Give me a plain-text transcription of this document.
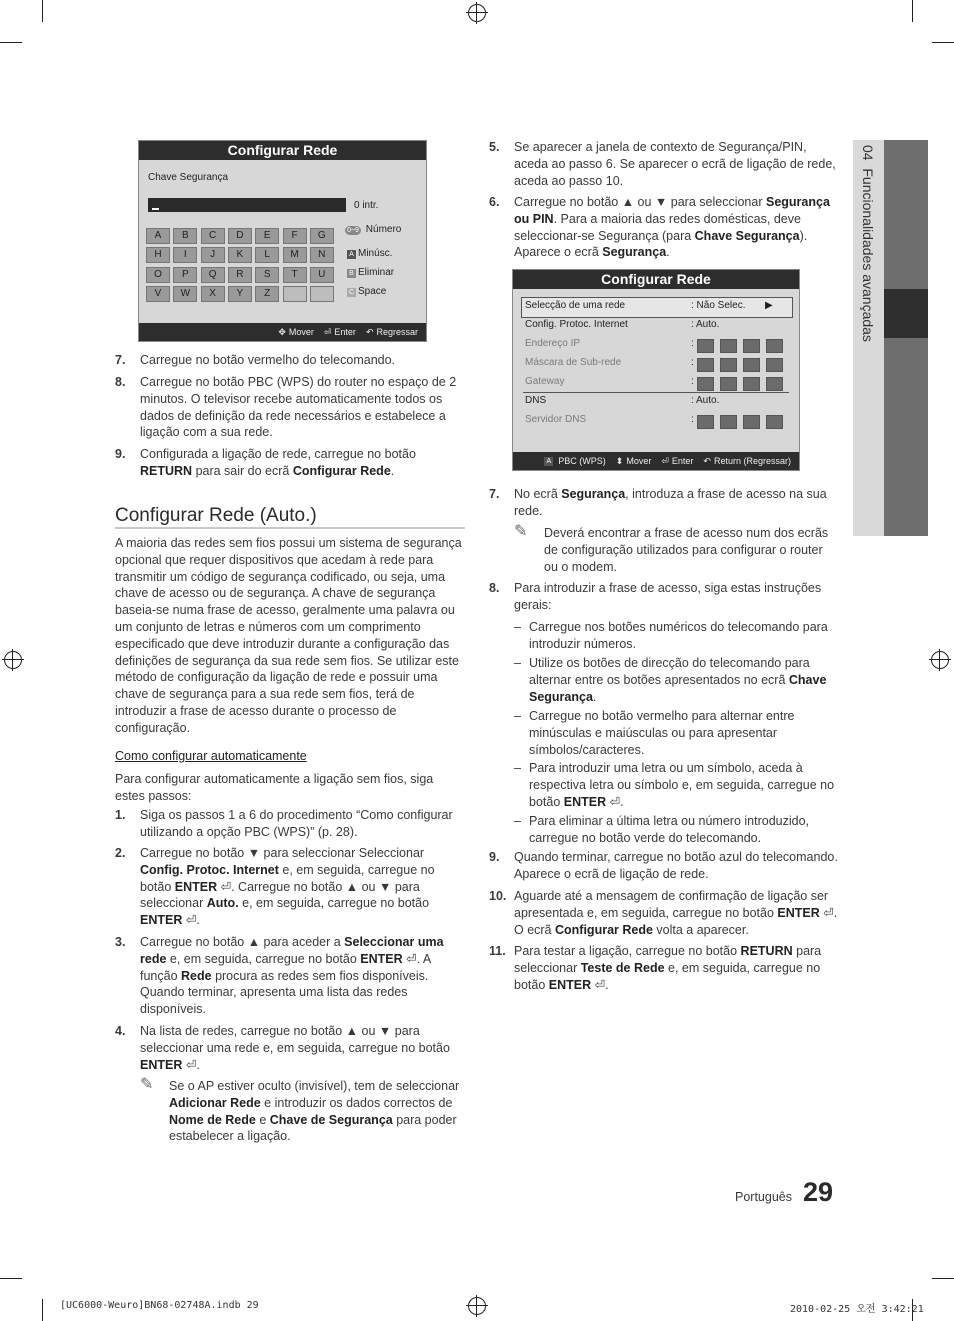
Configurar Rede
Chave Segurança
0 intr.
A	B	C	D	E	F	G
H	I	J	K	L	M	N
O	P	Q	R	S	T	U
V	W	X	Y	Z
0~9 Número
A Minúsc.
B Eliminar
C Space
✥ Mover ⏎ Enter ↶ Regressar
7. Carregue no botão vermelho do telecomando.
8. Carregue no botão PBC (WPS) do router no espaço de 2 minutos. O televisor recebe automaticamente todos os dados de definição da rede necessários e estabelece a ligação com a sua rede.
9. Configurada a ligação de rede, carregue no botão RETURN para sair do ecrã Configurar Rede.
Configurar Rede (Auto.)
A maioria das redes sem fios possui um sistema de segurança opcional que requer dispositivos que acedam à rede para transmitir um código de segurança codificado, ou seja, uma chave de acesso ou de segurança. A chave de segurança baseia-se numa frase de acesso, geralmente uma palavra ou um conjunto de letras e números com um comprimento especificado que deve introduzir durante a configuração das definições de segurança da sua rede sem fios. Se utilizar este método de configuração da ligação de rede e possuir uma chave de segurança para a sua rede sem fios, terá de introduzir a frase de acesso durante o processo de configuração.
Como configurar automaticamente
Para configurar automaticamente a ligação sem fios, siga estes passos:
1. Siga os passos 1 a 6 do procedimento “Como configurar utilizando a opção PBC (WPS)” (p. 28).
2. Carregue no botão ▼ para seleccionar Seleccionar Config. Protoc. Internet e, em seguida, carregue no botão ENTER ⏎. Carregue no botão ▲ ou ▼ para seleccionar Auto. e, em seguida, carregue no botão ENTER ⏎.
3. Carregue no botão ▲ para aceder a Seleccionar uma rede e, em seguida, carregue no botão ENTER ⏎. A função Rede procura as redes sem fios disponíveis. Quando terminar, apresenta uma lista das redes disponíveis.
4. Na lista de redes, carregue no botão ▲ ou ▼ para seleccionar uma rede e, em seguida, carregue no botão ENTER ⏎.
✎ Se o AP estiver oculto (invisível), tem de seleccionar Adicionar Rede e introduzir os dados correctos de Nome de Rede e Chave de Segurança para poder estabelecer a ligação.
5. Se aparecer a janela de contexto de Segurança/PIN, aceda ao passo 6. Se aparecer o ecrã de ligação de rede, aceda ao passo 10.
6. Carregue no botão ▲ ou ▼ para seleccionar Segurança ou PIN. Para a maioria das redes domésticas, deve seleccionar-se Segurança (para Chave Segurança). Aparece o ecrã Segurança.
Configurar Rede
Selecção de uma rede	: Não Selec. ▶
Config. Protoc. Internet	: Auto.
Endereço IP	:
Máscara de Sub-rede	:
Gateway	:
DNS	: Auto.
Servidor DNS	:
A PBC (WPS) ⬍ Mover ⏎ Enter ↶ Return (Regressar)
7. No ecrã Segurança, introduza a frase de acesso na sua rede.
✎ Deverá encontrar a frase de acesso num dos ecrãs de configuração utilizados para configurar o router ou o modem.
8. Para introduzir a frase de acesso, siga estas instruções gerais:
– Carregue nos botões numéricos do telecomando para introduzir números.
– Utilize os botões de direcção do telecomando para alternar entre os botões apresentados no ecrã Chave Segurança.
– Carregue no botão vermelho para alternar entre minúsculas e maiúsculas ou para apresentar símbolos/caracteres.
– Para introduzir uma letra ou um símbolo, aceda à respectiva letra ou símbolo e, em seguida, carregue no botão ENTER ⏎.
– Para eliminar a última letra ou número introduzido, carregue no botão verde do telecomando.
9. Quando terminar, carregue no botão azul do telecomando. Aparece o ecrã de ligação de rede.
10. Aguarde até a mensagem de confirmação de ligação ser apresentada e, em seguida, carregue no botão ENTER ⏎. O ecrã Configurar Rede volta a aparecer.
11. Para testar a ligação, carregue no botão RETURN para seleccionar Teste de Rede e, em seguida, carregue no botão ENTER ⏎.
04  Funcionalidades avançadas
Português 29
[UC6000-Weuro]BN68-02748A.indb 29	2010-02-25 오전 3:42:21
